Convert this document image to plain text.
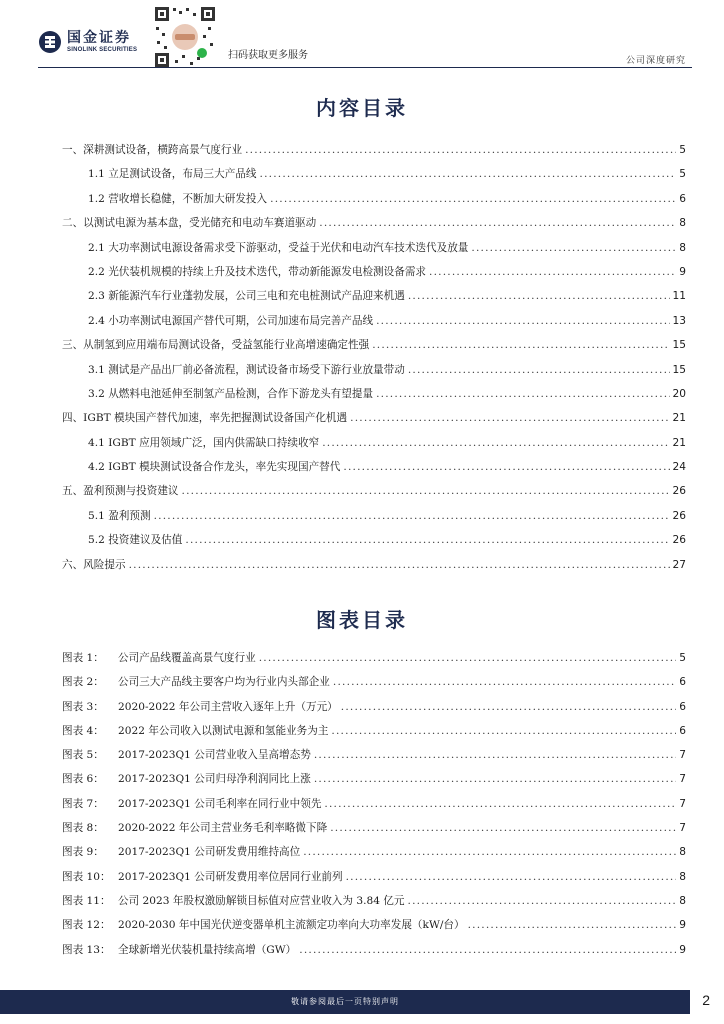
国金证券
SINOLINK SECURITIES	扫码获取更多服务	公司深度研究
内容目录
一、深耕测试设备，横跨高景气度行业 .....	5
1.1 立足测试设备，布局三大产品线 .....	5
1.2 营收增长稳健，不断加大研发投入 .....	6
二、以测试电源为基本盘，受光储充和电动车赛道驱动 .....	8
2.1 大功率测试电源设备需求受下游驱动，受益于光伏和电动汽车技术迭代及放量 .....	8
2.2 光伏装机规模的持续上升及技术迭代，带动新能源发电检测设备需求 .....	9
2.3 新能源汽车行业蓬勃发展，公司三电和充电桩测试产品迎来机遇 .....	11
2.4 小功率测试电源国产替代可期，公司加速布局完善产品线 .....	13
三、从制氢到应用端布局测试设备，受益氢能行业高增速确定性强 .....	15
3.1 测试是产品出厂前必备流程，测试设备市场受下游行业放量带动 .....	15
3.2 从燃料电池延伸至制氢产品检测，合作下游龙头有望提量 .....	20
四、IGBT 模块国产替代加速，率先把握测试设备国产化机遇 .....	21
4.1 IGBT 应用领域广泛，国内供需缺口持续收窄 .....	21
4.2 IGBT 模块测试设备合作龙头，率先实现国产替代 .....	24
五、盈利预测与投资建议 .....	26
5.1 盈利预测 .....	26
5.2 投资建议及估值 .....	26
六、风险提示 .....	27
图表目录
图表 1：	公司产品线覆盖高景气度行业 .....	5
图表 2：	公司三大产品线主要客户均为行业内头部企业 .....	6
图表 3：	2020-2022 年公司主营收入逐年上升（万元） .....	6
图表 4：	2022 年公司收入以测试电源和氢能业务为主 .....	6
图表 5：	2017-2023Q1 公司营业收入呈高增态势 .....	7
图表 6：	2017-2023Q1 公司归母净利润同比上涨 .....	7
图表 7：	2017-2023Q1 公司毛利率在同行业中领先 .....	7
图表 8：	2020-2022 年公司主营业务毛利率略微下降 .....	7
图表 9：	2017-2023Q1 公司研发费用维持高位 .....	8
图表 10： 2017-2023Q1 公司研发费用率位居同行业前列 .....	8
图表 11： 公司 2023 年股权激励解锁目标值对应营业收入为 3.84 亿元 .....	8
图表 12： 2020-2030 年中国光伏逆变器单机主流额定功率向大功率发展（kW/台） .....	9
图表 13： 全球新增光伏装机量持续高增（GW） .....	9
敬请参阅最后一页特别声明	2
